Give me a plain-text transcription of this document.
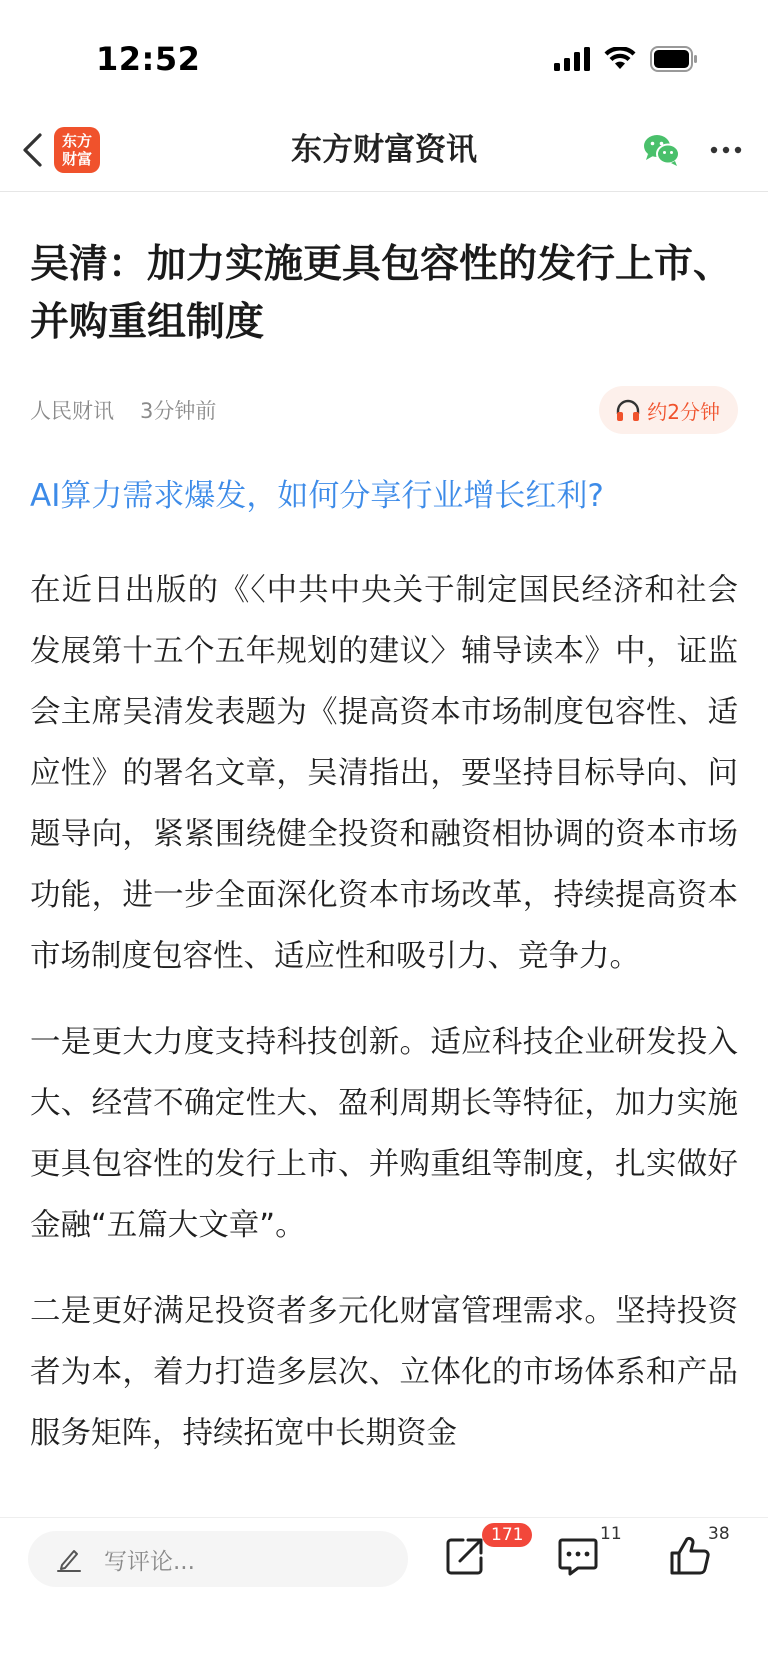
12:52
东方
财富	东方财富资讯
吴清：加力实施更具包容性的发行上市、并购重组制度
人民财讯 3分钟前	约2分钟
AI算力需求爆发，如何分享行业增长红利?

在近日出版的《〈中共中央关于制定国民经济和社会发展第十五个五年规划的建议〉辅导读本》中，证监会主席吴清发表题为《提高资本市场制度包容性、适应性》的署名文章，吴清指出，要坚持目标导向、问题导向，紧紧围绕健全投资和融资相协调的资本市场功能，进一步全面深化资本市场改革，持续提高资本市场制度包容性、适应性和吸引力、竞争力。

一是更大力度支持科技创新。适应科技企业研发投入大、经营不确定性大、盈利周期长等特征，加力实施更具包容性的发行上市、并购重组等制度，扎实做好金融“五篇大文章”。

二是更好满足投资者多元化财富管理需求。坚持投资者为本，着力打造多层次、立体化的市场体系和产品服务矩阵，持续拓宽中长期资金

写评论...
171	11	38
